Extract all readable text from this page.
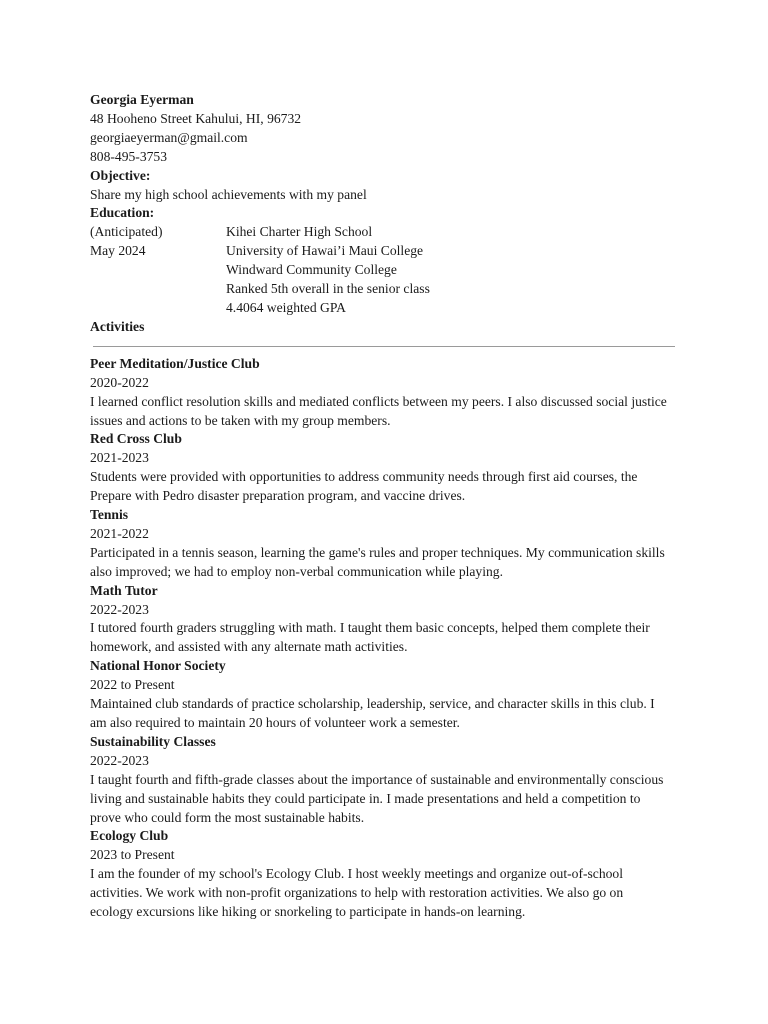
Georgia Eyerman
48 Hooheno Street Kahului, HI, 96732
georgiaeyerman@gmail.com
808-495-3753
Objective:
Share my high school achievements with my panel
Education:
(Anticipated)
May 2024
Kihei Charter High School
University of Hawai’i Maui College
Windward Community College
Ranked 5th overall in the senior class
4.4064 weighted GPA
Activities
Peer Meditation/Justice Club
2020-2022
I learned conflict resolution skills and mediated conflicts between my peers. I also discussed social justice
issues and actions to be taken with my group members.
Red Cross Club
2021-2023
Students were provided with opportunities to address community needs through first aid courses, the
Prepare with Pedro disaster preparation program, and vaccine drives.
Tennis
2021-2022
Participated in a tennis season, learning the game's rules and proper techniques. My communication skills
also improved; we had to employ non-verbal communication while playing.
Math Tutor
2022-2023
I tutored fourth graders struggling with math. I taught them basic concepts, helped them complete their
homework, and assisted with any alternate math activities.
National Honor Society
2022 to Present
Maintained club standards of practice scholarship, leadership, service, and character skills in this club. I
am also required to maintain 20 hours of volunteer work a semester.
Sustainability Classes
2022-2023
I taught fourth and fifth-grade classes about the importance of sustainable and environmentally conscious
living and sustainable habits they could participate in. I made presentations and held a competition to
prove who could form the most sustainable habits.
Ecology Club
2023 to Present
I am the founder of my school's Ecology Club. I host weekly meetings and organize out-of-school
activities. We work with non-profit organizations to help with restoration activities. We also go on
ecology excursions like hiking or snorkeling to participate in hands-on learning.
